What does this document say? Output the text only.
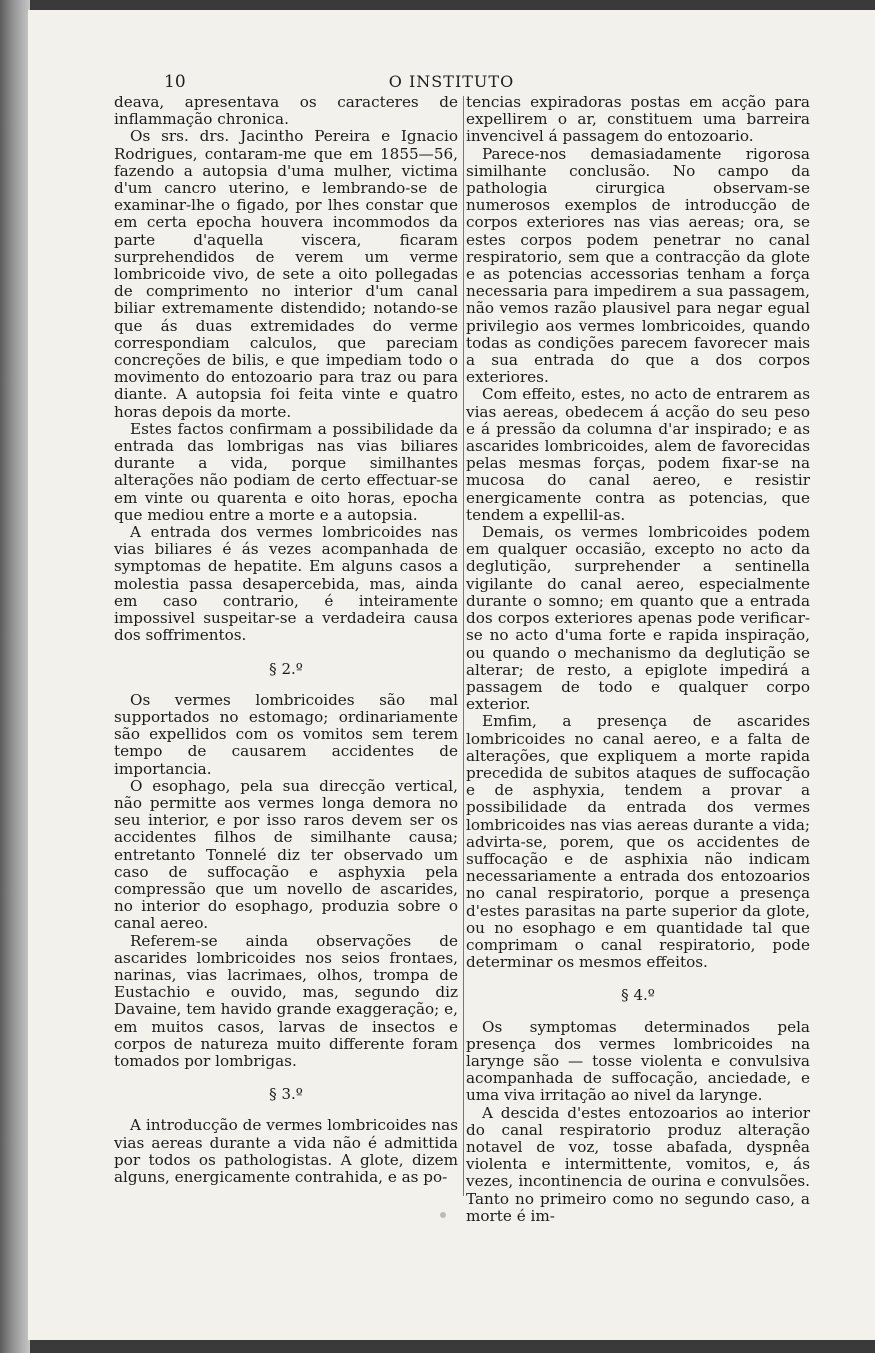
10	O INSTITUTO

deava, apresentava os caracteres de inflammação chronica.

Os srs. drs. Jacintho Pereira e Ignacio Rodrigues, contaram-me que em 1855—56, fazendo a autopsia d'uma mulher, victima d'um cancro uterino, e lembrando-se de examinar-lhe o figado, por lhes constar que em certa epocha houvera incommodos da parte d'aquella viscera, ficaram surprehendidos de verem um verme lombricoide vivo, de sete a oito pollegadas de comprimento no interior d'um canal biliar extremamente distendido; notando-se que ás duas extremidades do verme correspondiam calculos, que pareciam concreções de bilis, e que impediam todo o movimento do entozoario para traz ou para diante. A autopsia foi feita vinte e quatro horas depois da morte.

Estes factos confirmam a possibilidade da entrada das lombrigas nas vias biliares durante a vida, porque similhantes alterações não podiam de certo effectuar-se em vinte ou quarenta e oito horas, epocha que mediou entre a morte e a autopsia.

A entrada dos vermes lombricoides nas vias biliares é ás vezes acompanhada de symptomas de hepatite. Em alguns casos a molestia passa desapercebida, mas, ainda em caso contrario, é inteiramente impossivel suspeitar-se a verdadeira causa dos soffrimentos.

§ 2.º

Os vermes lombricoides são mal supportados no estomago; ordinariamente são expellidos com os vomitos sem terem tempo de causarem accidentes de importancia.

O esophago, pela sua direcção vertical, não permitte aos vermes longa demora no seu interior, e por isso raros devem ser os accidentes filhos de similhante causa; entretanto Tonnelé diz ter observado um caso de suffocação e asphyxia pela compressão que um novello de ascarides, no interior do esophago, produzia sobre o canal aereo.

Referem-se ainda observações de ascarides lombricoides nos seios frontaes, narinas, vias lacrimaes, olhos, trompa de Eustachio e ouvido, mas, segundo diz Davaine, tem havido grande exaggeração; e, em muitos casos, larvas de insectos e corpos de natureza muito differente foram tomados por lombrigas.

§ 3.º

A introducção de vermes lombricoides nas vias aereas durante a vida não é admittida por todos os pathologistas. A glote, dizem alguns, energicamente contrahida, e as po-

tencias expiradoras postas em acção para expellirem o ar, constituem uma barreira invencivel á passagem do entozoario.

Parece-nos demasiadamente rigorosa similhante conclusão. No campo da pathologia cirurgica observam-se numerosos exemplos de introducção de corpos exteriores nas vias aereas; ora, se estes corpos podem penetrar no canal respiratorio, sem que a contracção da glote e as potencias accessorias tenham a força necessaria para impedirem a sua passagem, não vemos razão plausivel para negar egual privilegio aos vermes lombricoides, quando todas as condições parecem favorecer mais a sua entrada do que a dos corpos exteriores.

Com effeito, estes, no acto de entrarem as vias aereas, obedecem á acção do seu peso e á pressão da columna d'ar inspirado; e as ascarides lombricoides, alem de favorecidas pelas mesmas forças, podem fixar-se na mucosa do canal aereo, e resistir energicamente contra as potencias, que tendem a expellil-as.

Demais, os vermes lombricoides podem em qualquer occasião, excepto no acto da deglutição, surprehender a sentinella vigilante do canal aereo, especialmente durante o somno; em quanto que a entrada dos corpos exteriores apenas pode verificar-se no acto d'uma forte e rapida inspiração, ou quando o mechanismo da deglutição se alterar; de resto, a epiglote impedirá a passagem de todo e qualquer corpo exterior.

Emfim, a presença de ascarides lombricoides no canal aereo, e a falta de alterações, que expliquem a morte rapida precedida de subitos ataques de suffocação e de asphyxia, tendem a provar a possibilidade da entrada dos vermes lombricoides nas vias aereas durante a vida; advirta-se, porem, que os accidentes de suffocação e de asphixia não indicam necessariamente a entrada dos entozoarios no canal respiratorio, porque a presença d'estes parasitas na parte superior da glote, ou no esophago e em quantidade tal que comprimam o canal respiratorio, pode determinar os mesmos effeitos.

§ 4.º

Os symptomas determinados pela presença dos vermes lombricoides na larynge são — tosse violenta e convulsiva acompanhada de suffocação, anciedade, e uma viva irritação ao nivel da larynge.

A descida d'estes entozoarios ao interior do canal respiratorio produz alteração notavel de voz, tosse abafada, dyspnêa violenta e intermittente, vomitos, e, ás vezes, incontinencia de ourina e convulsões. Tanto no primeiro como no segundo caso, a morte é im-
